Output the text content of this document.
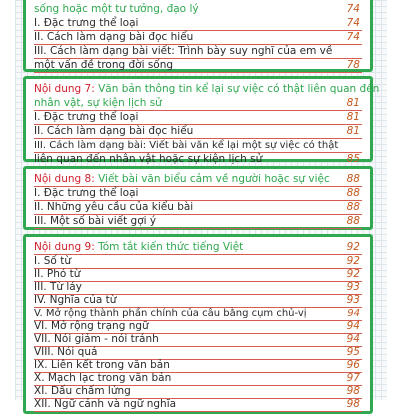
sống hoặc một tư tưởng, đạo lý	74
I. Đặc trưng thể loại	74
II. Cách làm dạng bài đọc hiểu	74
III. Cách làm dạng bài viết: Trình bày suy nghĩ của em về
một vấn đề trong đời sống	78
Nội dung 7: Văn bản thông tin kể lại sự việc có thật liên quan đến
nhân vật, sự kiện lịch sử	81
I. Đặc trưng thể loại	81
II. Cách làm dạng bài đọc hiểu	81
III. Cách làm dạng bài: Viết bài văn kể lại một sự việc có thật
liên quan đến nhân vật hoặc sự kiện lịch sử	85
Nội dung 8: Viết bài văn biểu cảm về người hoặc sự việc 88
I. Đặc trưng thể loại	88
II. Những yêu cầu của kiểu bài	88
III. Một số bài viết gợi ý	88
Nội dung 9: Tóm tắt kiến thức tiếng Việt	92
I. Số từ	92
II. Phó từ	92
III. Từ láy	93
IV. Nghĩa của từ	93
V. Mở rộng thành phần chính của câu bằng cụm chủ-vị	94
VI. Mở rộng trạng ngữ	94
VII. Nói giảm - nói tránh	94
VIII. Nói quá	95
IX. Liên kết trong văn bản	96
X. Mạch lạc trong văn bản	97
XI. Dấu chấm lửng	98
XII. Ngữ cảnh và ngữ nghĩa	98
